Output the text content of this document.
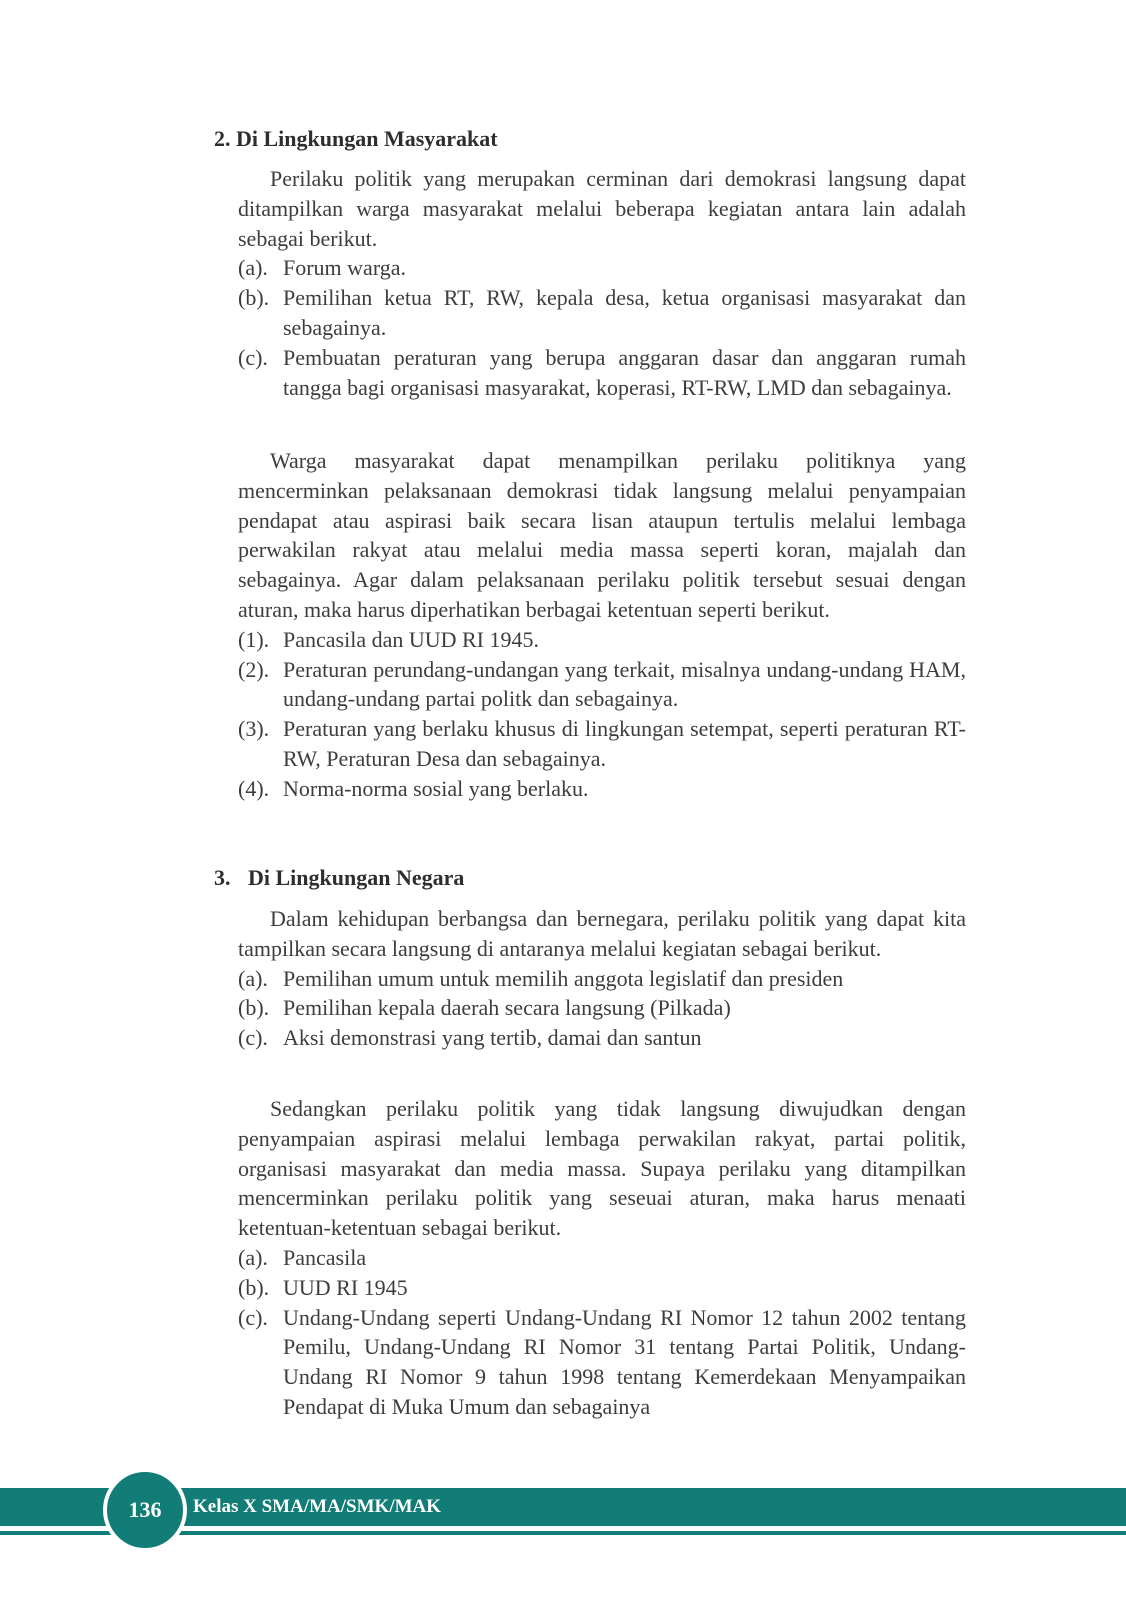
2. Di Lingkungan Masyarakat

Perilaku politik yang merupakan cerminan dari demokrasi langsung dapat ditampilkan warga masyarakat melalui beberapa kegiatan antara lain adalah sebagai berikut.

(a). Forum warga.
(b). Pemilihan ketua RT, RW, kepala desa, ketua organisasi masyarakat dan sebagainya.
(c). Pembuatan peraturan yang berupa anggaran dasar dan anggaran rumah tangga bagi organisasi masyarakat, koperasi, RT-RW, LMD dan sebagainya.

Warga masyarakat dapat menampilkan perilaku politiknya yang mencerminkan pelaksanaan demokrasi tidak langsung melalui penyampaian pendapat atau aspirasi baik secara lisan ataupun tertulis melalui lembaga perwakilan rakyat atau melalui media massa seperti koran, majalah dan sebagainya. Agar dalam pelaksanaan perilaku politik tersebut sesuai dengan aturan, maka harus diperhatikan berbagai ketentuan seperti berikut.

(1). Pancasila dan UUD RI 1945.
(2). Peraturan perundang-undangan yang terkait, misalnya undang-undang HAM, undang-undang partai politk dan sebagainya.
(3). Peraturan yang berlaku khusus di lingkungan setempat, seperti peraturan RT-RW, Peraturan Desa dan sebagainya.
(4). Norma-norma sosial yang berlaku.
3. Di Lingkungan Negara

Dalam kehidupan berbangsa dan bernegara, perilaku politik yang dapat kita tampilkan secara langsung di antaranya melalui kegiatan sebagai berikut.

(a). Pemilihan umum untuk memilih anggota legislatif dan presiden
(b). Pemilihan kepala daerah secara langsung (Pilkada)
(c). Aksi demonstrasi yang tertib, damai dan santun

Sedangkan perilaku politik yang tidak langsung diwujudkan dengan penyampaian aspirasi melalui lembaga perwakilan rakyat, partai politik, organisasi masyarakat dan media massa. Supaya perilaku yang ditampilkan mencerminkan perilaku politik yang seseuai aturan, maka harus menaati ketentuan-ketentuan sebagai berikut.

(a). Pancasila
(b). UUD RI 1945
(c). Undang-Undang seperti Undang-Undang RI Nomor 12 tahun 2002 tentang Pemilu, Undang-Undang RI Nomor 31 tentang Partai Politik, Undang-Undang RI Nomor 9 tahun 1998 tentang Kemerdekaan Menyampaikan Pendapat di Muka Umum dan sebagainya
136 Kelas X SMA/MA/SMK/MAK
